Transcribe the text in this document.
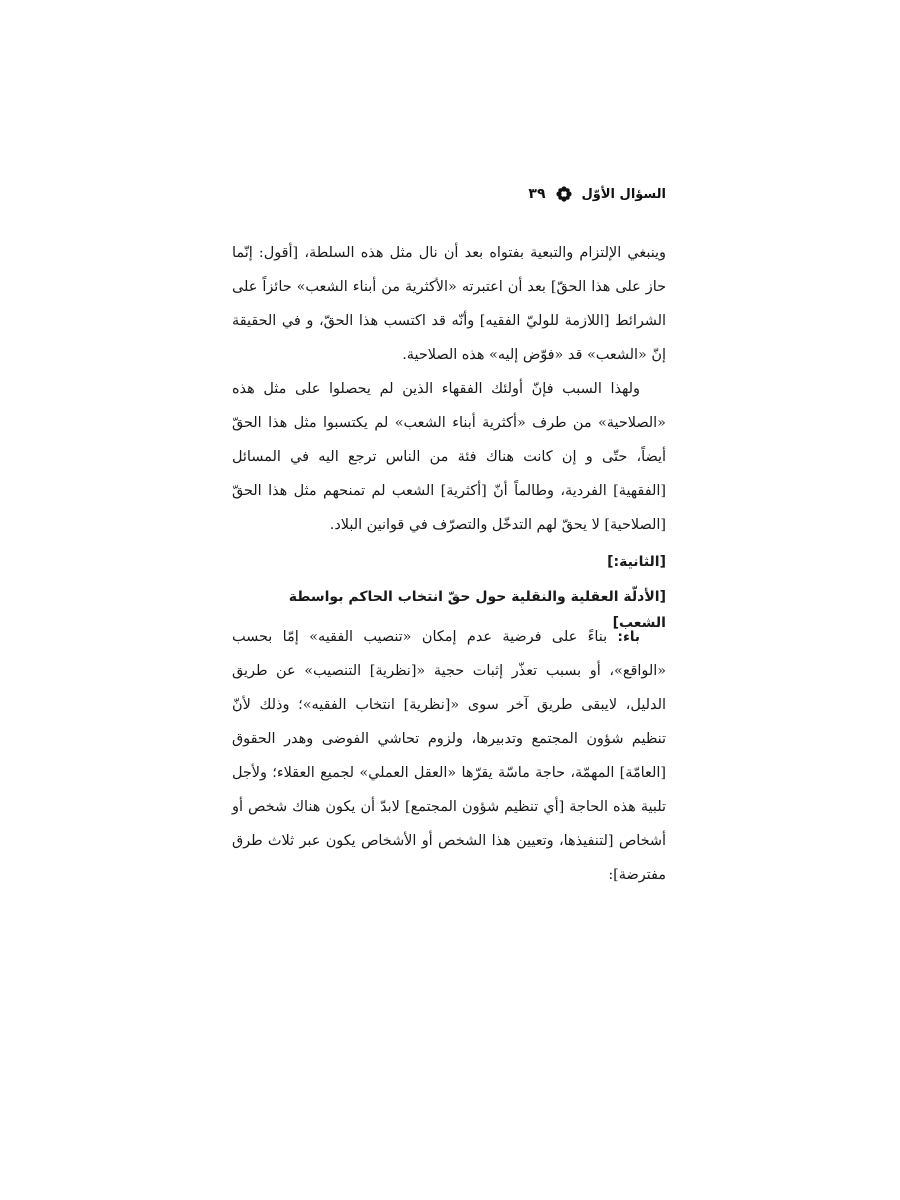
السؤال الأوّل
٣٩

وينبغي الإلتزام والتبعية بفتواه بعد أن نال مثل هذه السلطة، [أقول: إنّما حاز على هذا الحقّ] بعد أن اعتبرته «الأكثرية من أبناء الشعب» حائزاً على الشرائط [اللازمة للوليّ الفقيه] وأنّه قد اكتسب هذا الحقّ، و في الحقيقة إنّ «الشعب» قد «فوّض إليه» هذه الصلاحية.

ولهذا السبب فإنّ أولئك الفقهاء الذين لم يحصلوا على مثل هذه «الصلاحية» من طرف «أكثرية أبناء الشعب» لم يكتسبوا مثل هذا الحقّ أيضاً، حتّى و إن كانت هناك فئة من الناس ترجع اليه في المسائل [الفقهية] الفردية، وطالماً أنّ [أكثرية] الشعب لم تمنحهم مثل هذا الحقّ [الصلاحية] لا يحقّ لهم التدخّل والتصرّف في قوانين البلاد.

[الثانية:]

[الأدلّة العقلية والنقلية حول حقّ انتخاب الحاكم بواسطة الشعب]

باء: بناءً على فرضية عدم إمكان «تنصيب الفقيه» إمّا بحسب «الواقع»، أو بسبب تعذّر إثبات حجية «[نظرية] التنصيب» عن طريق الدليل، لايبقى طريق آخر سوى «[نظرية] انتخاب الفقيه»؛ وذلك لأنّ تنظيم شؤون المجتمع وتدبيرها، ولزوم تحاشي الفوضى وهدر الحقوق [العامّة] المهمّة، حاجة ماسّة يقرّها «العقل العملي» لجميع العقلاء؛ ولأجل تلبية هذه الحاجة [أي تنظيم شؤون المجتمع] لابدّ أن يكون هناك شخص أو أشخاص [لتنفيذها، وتعيين هذا الشخص أو الأشخاص يكون عبر ثلاث طرق مفترضة]:
